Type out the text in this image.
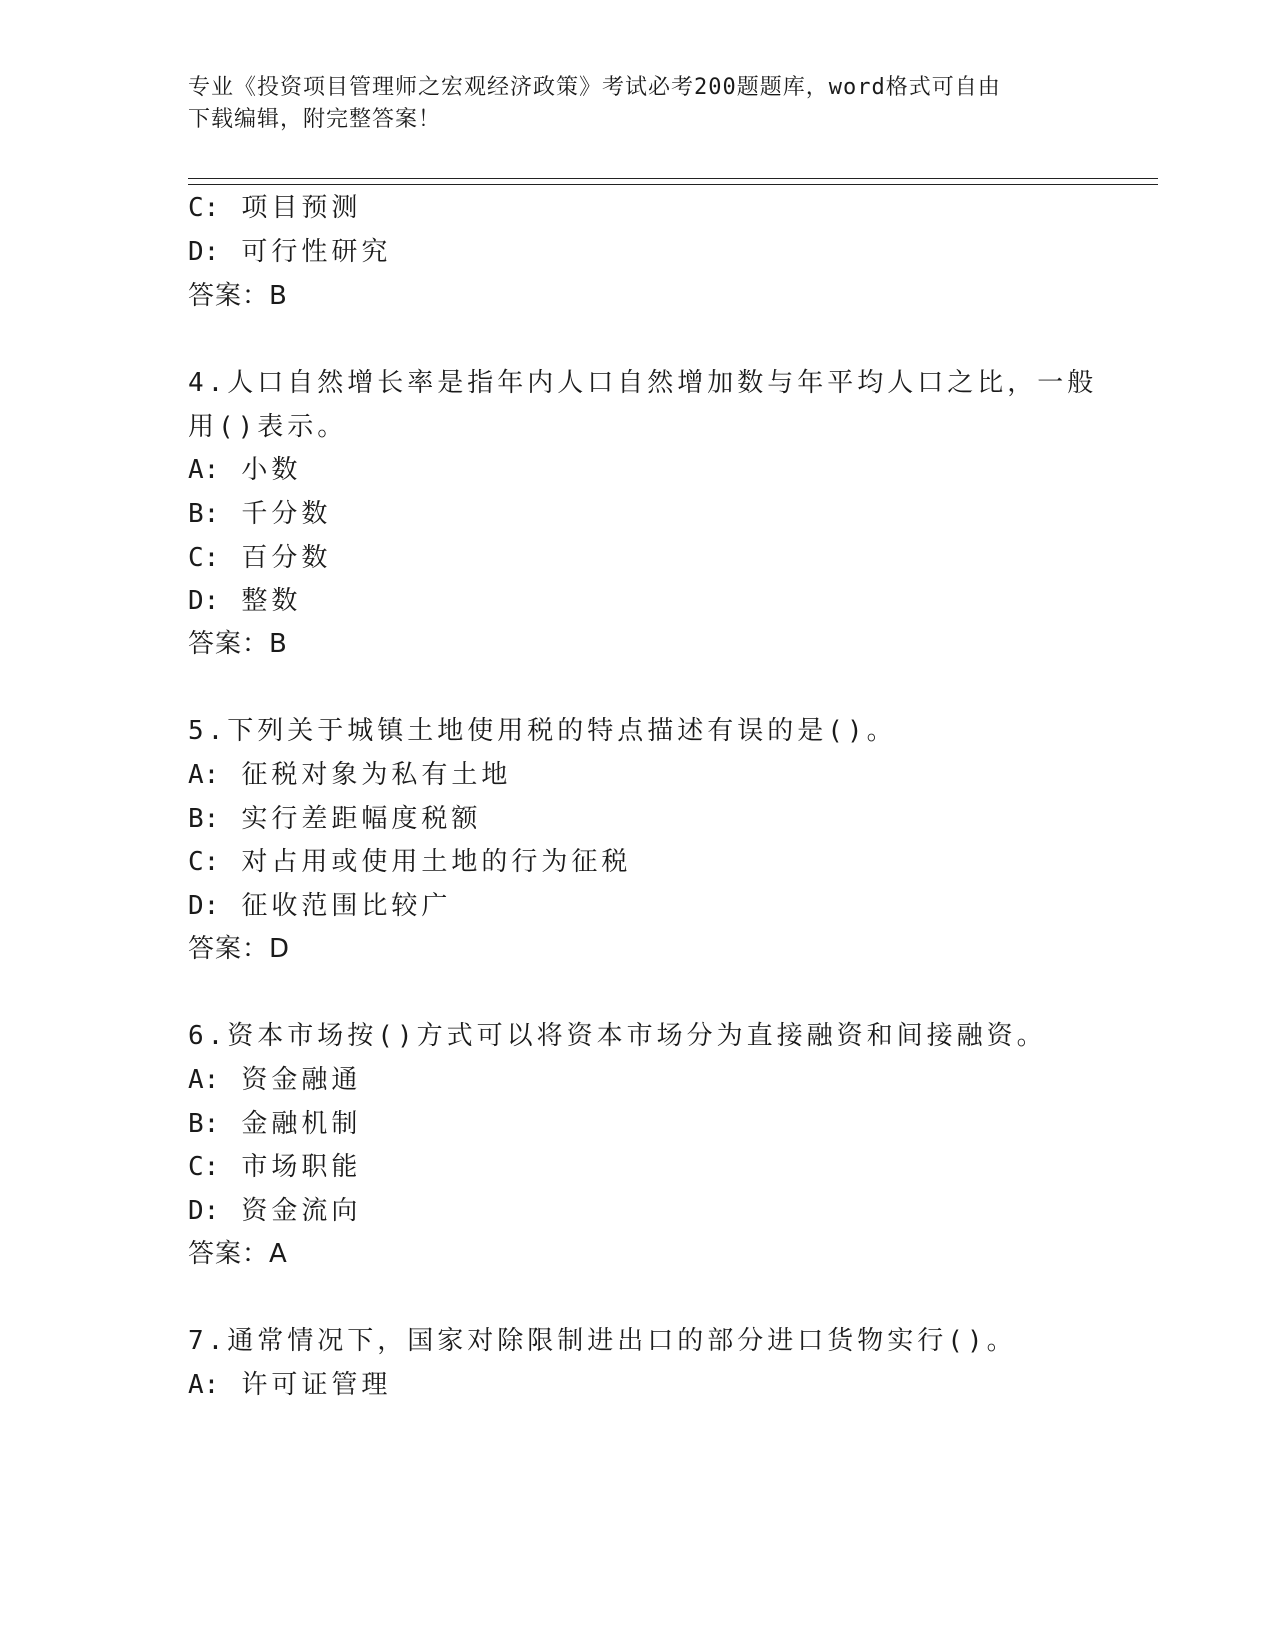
专业《投资项目管理师之宏观经济政策》考试必考200题题库，word格式可自由
下载编辑，附完整答案！
C: 项目预测
D: 可行性研究
答案：B
4.人口自然增长率是指年内人口自然增加数与年平均人口之比，一般
用()表示。
A: 小数
B: 千分数
C: 百分数
D: 整数
答案：B
5.下列关于城镇土地使用税的特点描述有误的是()。
A: 征税对象为私有土地
B: 实行差距幅度税额
C: 对占用或使用土地的行为征税
D: 征收范围比较广
答案：D
6.资本市场按()方式可以将资本市场分为直接融资和间接融资。
A: 资金融通
B: 金融机制
C: 市场职能
D: 资金流向
答案：A
7.通常情况下，国家对除限制进出口的部分进口货物实行()。
A: 许可证管理
